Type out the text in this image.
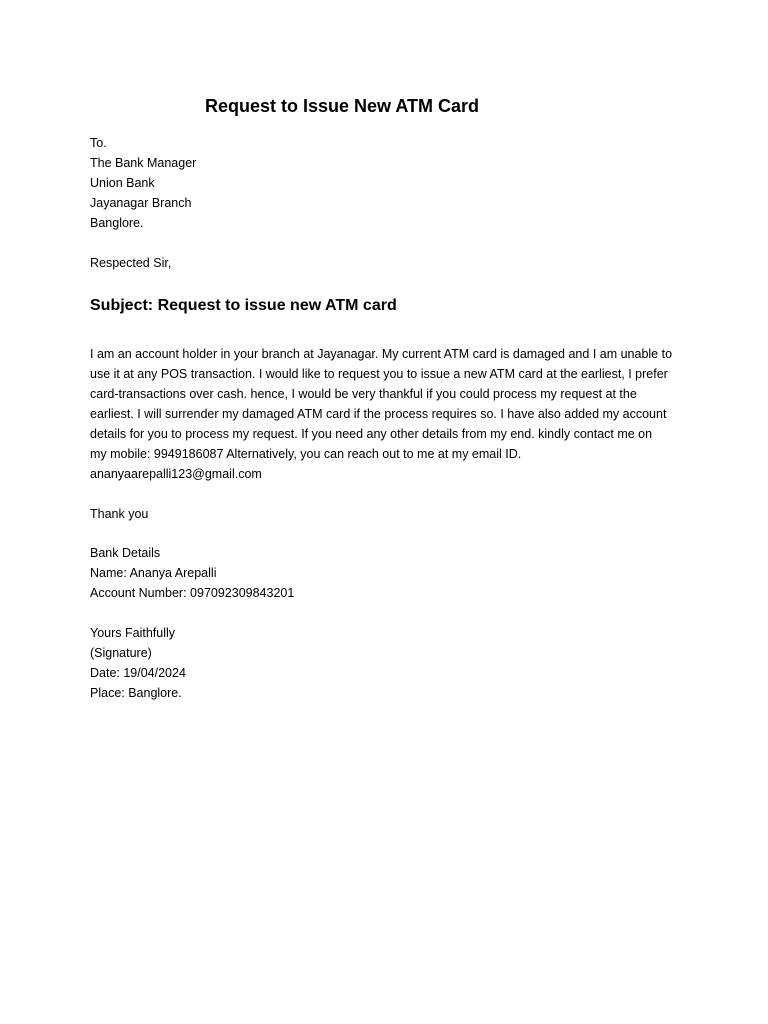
Request to Issue New ATM Card
To.
The Bank Manager
Union Bank
Jayanagar Branch
Banglore.
Respected Sir,
Subject: Request to issue new ATM card
I am an account holder in your branch at Jayanagar. My current ATM card is damaged and I am unable to
use it at any POS transaction. I would like to request you to issue a new ATM card at the earliest, I prefer
card-transactions over cash. hence, I would be very thankful if you could process my request at the
earliest. I will surrender my damaged ATM card if the process requires so. I have also added my account
details for you to process my request. If you need any other details from my end. kindly contact me on
my mobile: 9949186087 Alternatively, you can reach out to me at my email ID.
ananyaarepalli123@gmail.com
Thank you
Bank Details
Name: Ananya Arepalli
Account Number: 097092309843201
Yours Faithfully
(Signature)
Date: 19/04/2024
Place: Banglore.
